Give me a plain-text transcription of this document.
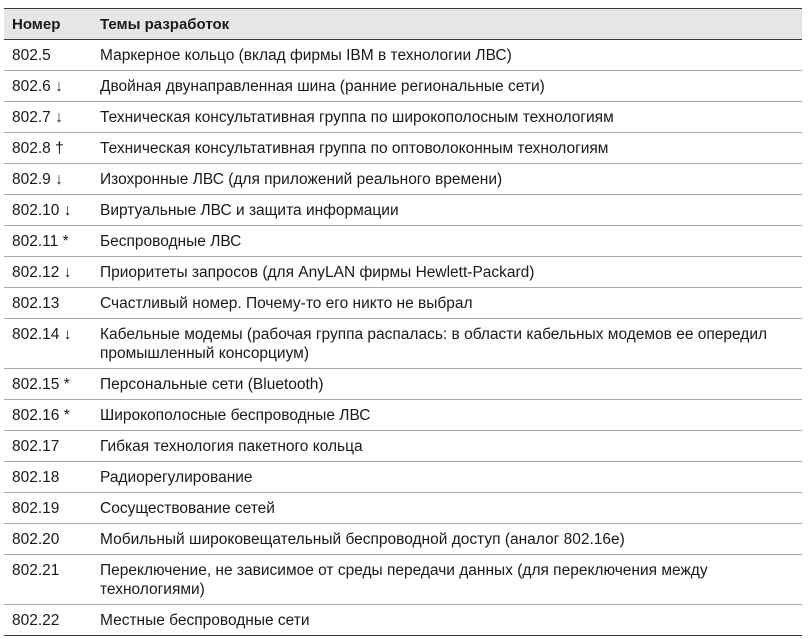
Номер	Темы разработок
802.5	Маркерное кольцо (вклад фирмы IBM в технологии ЛВС)
802.6 ↓	Двойная двунаправленная шина (ранние региональные сети)
802.7 ↓	Техническая консультативная группа по широкополосным технологиям
802.8 †	Техническая консультативная группа по оптоволоконным технологиям
802.9 ↓	Изохронные ЛВС (для приложений реального времени)
802.10 ↓	Виртуальные ЛВС и защита информации
802.11 *	Беспроводные ЛВС
802.12 ↓	Приоритеты запросов (для AnyLAN фирмы Hewlett-Packard)
802.13	Счастливый номер. Почему-то его никто не выбрал
802.14 ↓	Кабельные модемы (рабочая группа распалась: в области кабельных модемов ее опередил промышленный консорциум)
802.15 *	Персональные сети (Bluetooth)
802.16 *	Широкополосные беспроводные ЛВС
802.17	Гибкая технология пакетного кольца
802.18	Радиорегулирование
802.19	Сосуществование сетей
802.20	Мобильный широковещательный беспроводной доступ (аналог 802.16е)
802.21	Переключение, не зависимое от среды передачи данных (для переключения между технологиями)
802.22	Местные беспроводные сети
